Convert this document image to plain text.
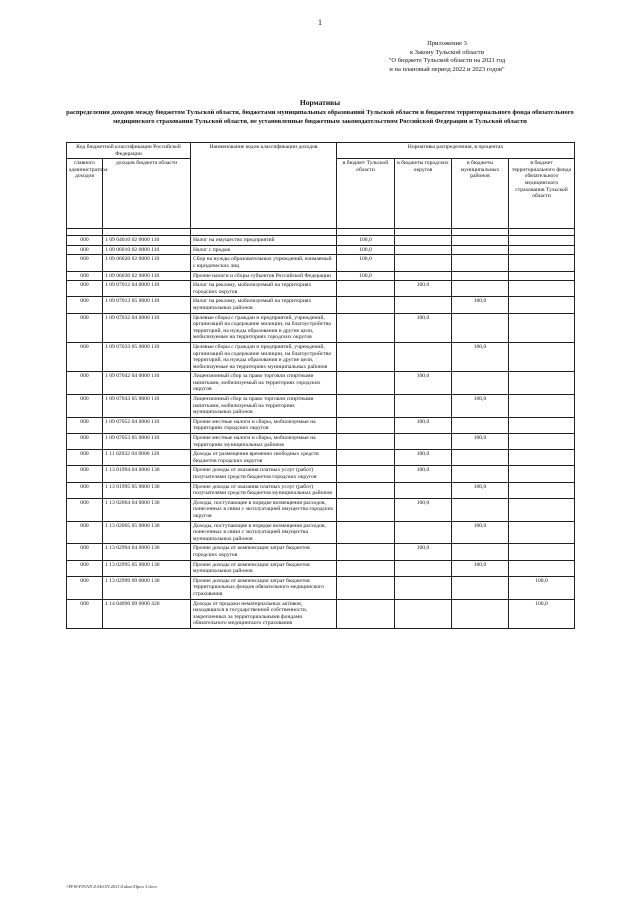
1
Приложение 3
к Закону Тульской области
"О бюджете Тульской области на 2021 год
и на плановый период 2022 и 2023 годов"
Нормативы
распределения доходов между бюджетом Тульской области, бюджетами муниципальных образований Тульской области и бюджетом территориального фонда обязательного медицинского страхования Тульской области, не установленные бюджетным законодательством Российской Федерации и Тульской области
Код бюджетной классификации Российской Федерации		Наименование кодов классификации доходов	Нормативы распределения, в процентах			
главного администратора доходов	доходов бюджета области		в бюджет Тульской области	в бюджеты городских округов	в бюджеты муниципальных районов	в бюджет территориального фонда обязательного медицинского страхования Тульской области

000	1 09 04010 02 0000 110	Налог на имущество предприятий	100,0			
000	1 09 06010 02 0000 110	Налог с продаж	100,0			
000	1 09 06020 02 0000 110	Сбор на нужды образовательных учреждений, взимаемый с юридических лиц	100,0			
000	1 09 06030 02 0000 110	Прочие налоги и сборы субъектов Российской Федерации	100,0			
000	1 09 07012 04 0000 110	Налог на рекламу, мобилизуемый на территориях городских округов		100,0		
000	1 09 07013 05 0000 110	Налог на рекламу, мобилизуемый на территориях муниципальных районов			100,0	
000	1 09 07032 04 0000 110	Целевые сборы с граждан и предприятий, учреждений, организаций на содержание милиции, на благоустройство территорий, на нужды образования и другие цели, мобилизуемые на территориях городских округов		100,0		
000	1 09 07033 05 0000 110	Целевые сборы с граждан и предприятий, учреждений, организаций на содержание милиции, на благоустройство территорий, на нужды образования и другие цели, мобилизуемые на территориях муниципальных районов			100,0	
000	1 09 07042 04 0000 110	Лицензионный сбор за право торговли спиртными напитками, мобилизуемый на территориях городских округов		100,0		
000	1 09 07043 05 0000 110	Лицензионный сбор за право торговли спиртными напитками, мобилизуемый на территориях муниципальных районов			100,0	
000	1 09 07052 04 0000 110	Прочие местные налоги и сборы, мобилизуемые на территориях городских округов		100,0		
000	1 09 07053 05 0000 110	Прочие местные налоги и сборы, мобилизуемые на территориях муниципальных районов			100,0	
000	1 11 02032 04 0000 120	Доходы от размещения временно свободных средств бюджетов городских округов		100,0		
000	1 13 01994 04 0000 130	Прочие доходы от оказания платных услуг (работ) получателями средств бюджетов городских округов		100,0		
000	1 13 01995 05 0000 130	Прочие доходы от оказания платных услуг (работ) получателями средств бюджетов муниципальных районов			100,0	
000	1 13 02064 04 0000 130	Доходы, поступающие в порядке возмещения расходов, понесенных в связи с эксплуатацией имущества городских округов		100,0		
000	1 13 02065 05 0000 130	Доходы, поступающие в порядке возмещения расходов, понесенных в связи с эксплуатацией имущества муниципальных районов			100,0	
000	1 13 02994 04 0000 130	Прочие доходы от компенсации затрат бюджетов городских округов		100,0		
000	1 13 02995 05 0000 130	Прочие доходы от компенсации затрат бюджетов муниципальных районов			100,0	
000	1 13 02999 09 0000 130	Прочие доходы от компенсации затрат бюджетов территориальных фондов обязательного медицинского страхования				100,0
000	1 14 04090 09 0000 420	Доходы от продажи нематериальных активов, находящихся в государственной собственности, закрепленных за территориальными фондами обязательного медицинского страхования				100,0
\\PFIS\FINAN\ZAKON\2021\Zakon\Прил 3.docx
